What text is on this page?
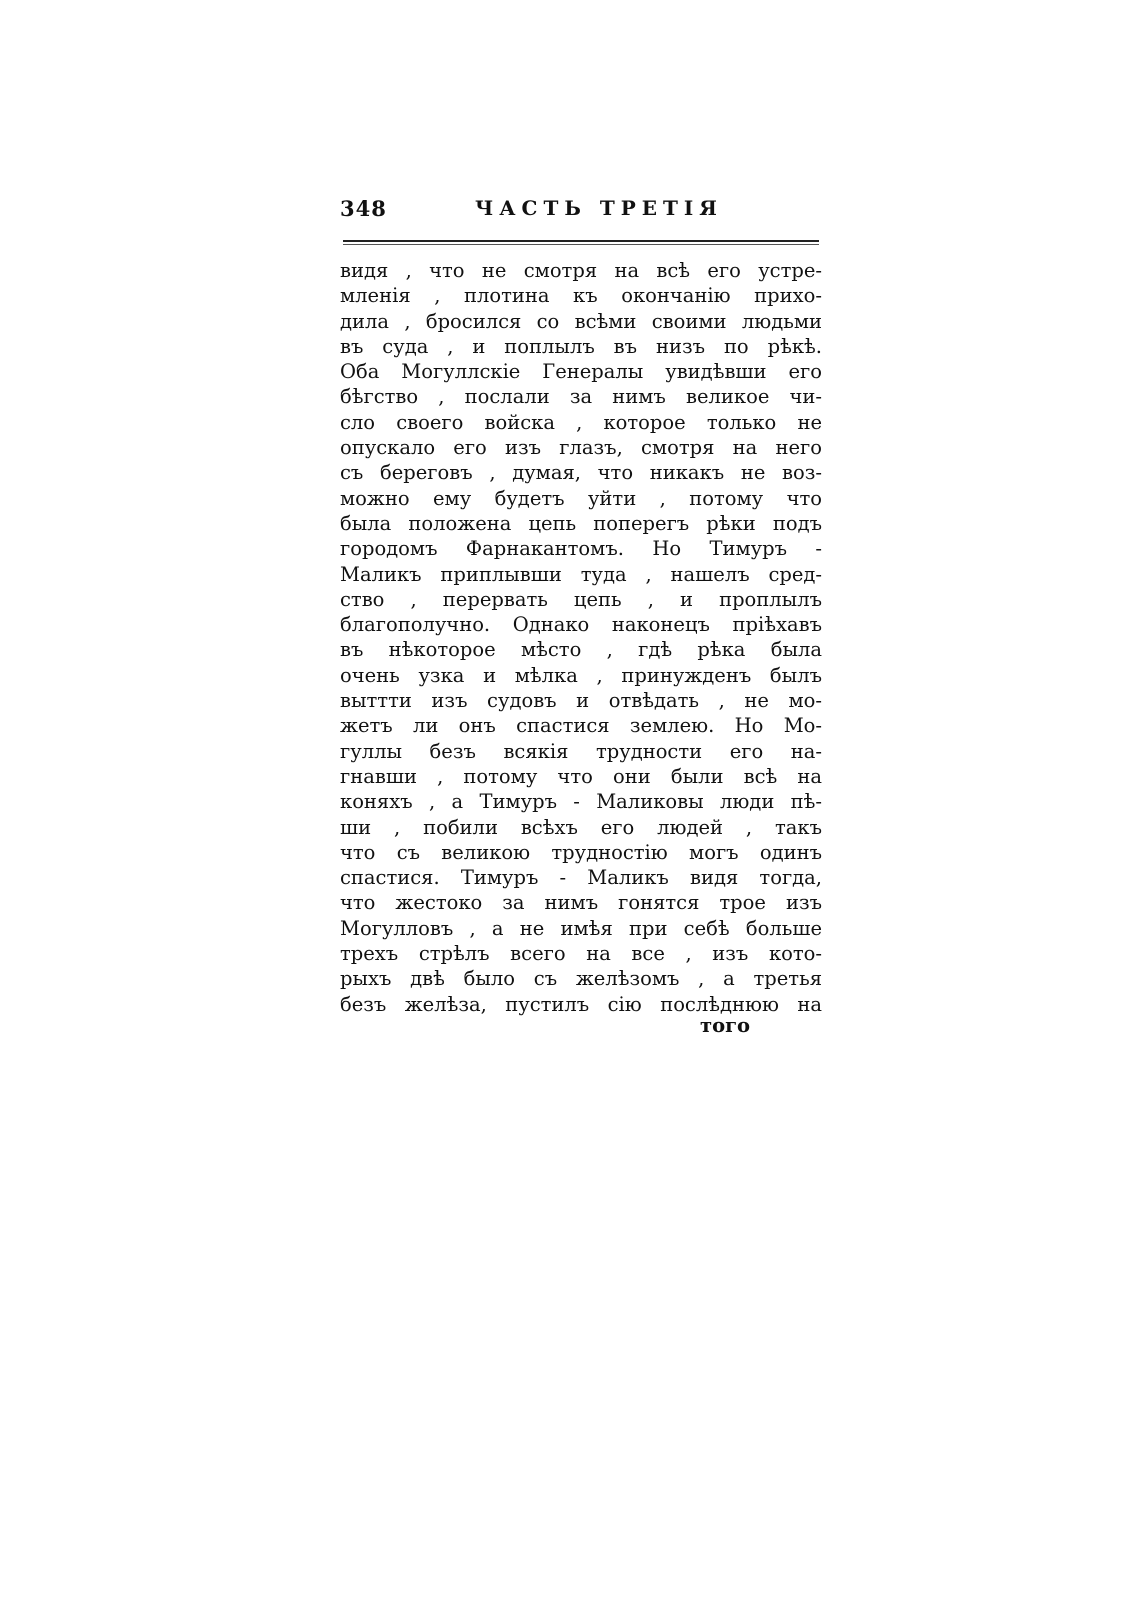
348	ЧАСТЬ ТРЕТІЯ
видя , что не смотря на всѣ его устре-
мленія , плотина къ окончанію прихо-
дила , бросился со всѣми своими людьми
въ суда , и поплылъ въ низъ по рѣкѣ.
Оба Могуллскіе Генералы увидѣвши его
бѣгство , послали за нимъ великое чи-
сло своего войска , которое только не
опускало его изъ глазъ, смотря на него
съ береговъ , думая, что никакъ не воз-
можно ему будетъ уйти , потому что
была положена цепь поперегъ рѣки подъ
городомъ Фарнакантомъ. Но Тимуръ -
Маликъ приплывши туда , нашелъ сред-
ство , перервать цепь , и проплылъ
благополучно. Однако наконецъ пріѣхавъ
въ нѣкоторое мѣсто , гдѣ рѣка была
очень узка и мѣлка , принужденъ былъ
выттти изъ судовъ и отвѣдать , не мо-
жетъ ли онъ спастися землею. Но Мо-
гуллы безъ всякія трудности его на-
гнавши , потому что они были всѣ на
коняхъ , а Тимуръ - Маликовы люди пѣ-
ши , побили всѣхъ его людей , такъ
что съ великою трудностію могъ одинъ
спастися. Тимуръ - Маликъ видя тогда,
что жестоко за нимъ гонятся трое изъ
Могулловъ , а не имѣя при себѣ больше
трехъ стрѣлъ всего на все , изъ кото-
рыхъ двѣ было съ желѣзомъ , а третья
безъ желѣза, пустилъ сію послѣднюю на
того
